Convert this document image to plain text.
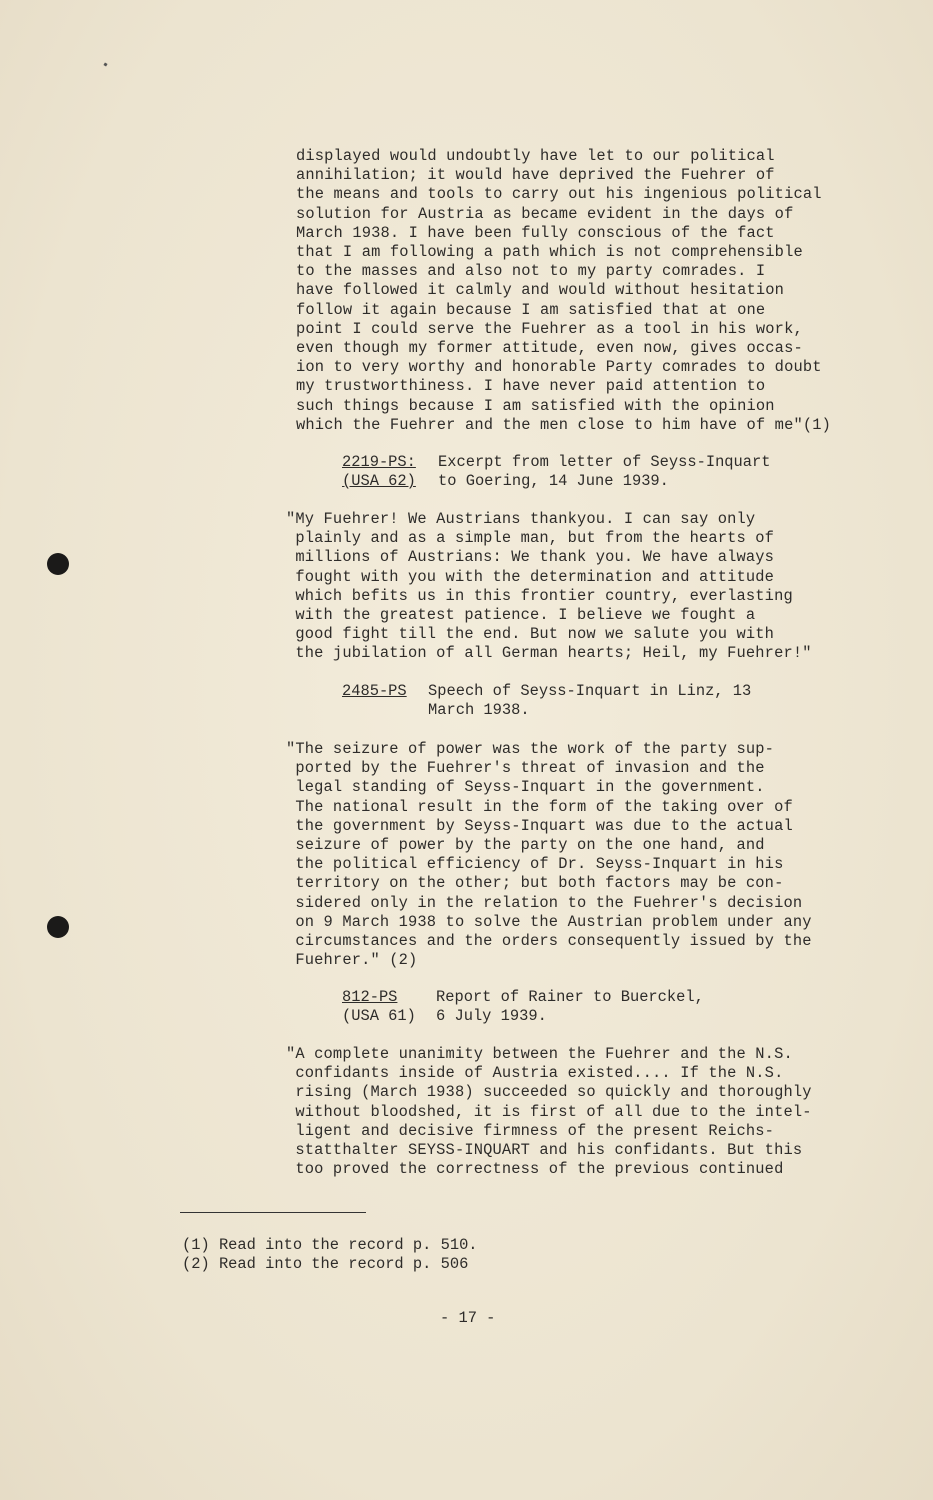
displayed would undoubtly have let to our political
annihilation; it would have deprived the Fuehrer of
the means and tools to carry out his ingenious political
solution for Austria as became evident in the days of
March 1938. I have been fully conscious of the fact
that I am following a path which is not comprehensible
to the masses and also not to my party comrades. I
have followed it calmly and would without hesitation
follow it again because I am satisfied that at one
point I could serve the Fuehrer as a tool in his work,
even though my former attitude, even now, gives occas-
ion to very worthy and honorable Party comrades to doubt
my trustworthiness. I have never paid attention to
such things because I am satisfied with the opinion
which the Fuehrer and the men close to him have of me"(1)
2219-PS:
(USA 62)
Excerpt from letter of Seyss-Inquart
to Goering, 14 June 1939.
"My Fuehrer! We Austrians thankyou. I can say only
plainly and as a simple man, but from the hearts of
millions of Austrians: We thank you. We have always
fought with you with the determination and attitude
which befits us in this frontier country, everlasting
with the greatest patience. I believe we fought a
good fight till the end. But now we salute you with
the jubilation of all German hearts; Heil, my Fuehrer!"
2485-PS Speech of Seyss-Inquart in Linz, 13
March 1938.
"The seizure of power was the work of the party sup-
ported by the Fuehrer's threat of invasion and the
legal standing of Seyss-Inquart in the government.
The national result in the form of the taking over of
the government by Seyss-Inquart was due to the actual
seizure of power by the party on the one hand, and
the political efficiency of Dr. Seyss-Inquart in his
territory on the other; but both factors may be con-
sidered only in the relation to the Fuehrer's decision
on 9 March 1938 to solve the Austrian problem under any
circumstances and the orders consequently issued by the
Fuehrer." (2)
812-PS
(USA 61)
Report of Rainer to Buerckel,
6 July 1939.
"A complete unanimity between the Fuehrer and the N.S.
confidants inside of Austria existed.... If the N.S.
rising (March 1938) succeeded so quickly and thoroughly
without bloodshed, it is first of all due to the intel-
ligent and decisive firmness of the present Reichs-
statthalter SEYSS-INQUART and his confidants. But this
too proved the correctness of the previous continued
(1) Read into the record p. 510.
(2) Read into the record p. 506
- 17 -
